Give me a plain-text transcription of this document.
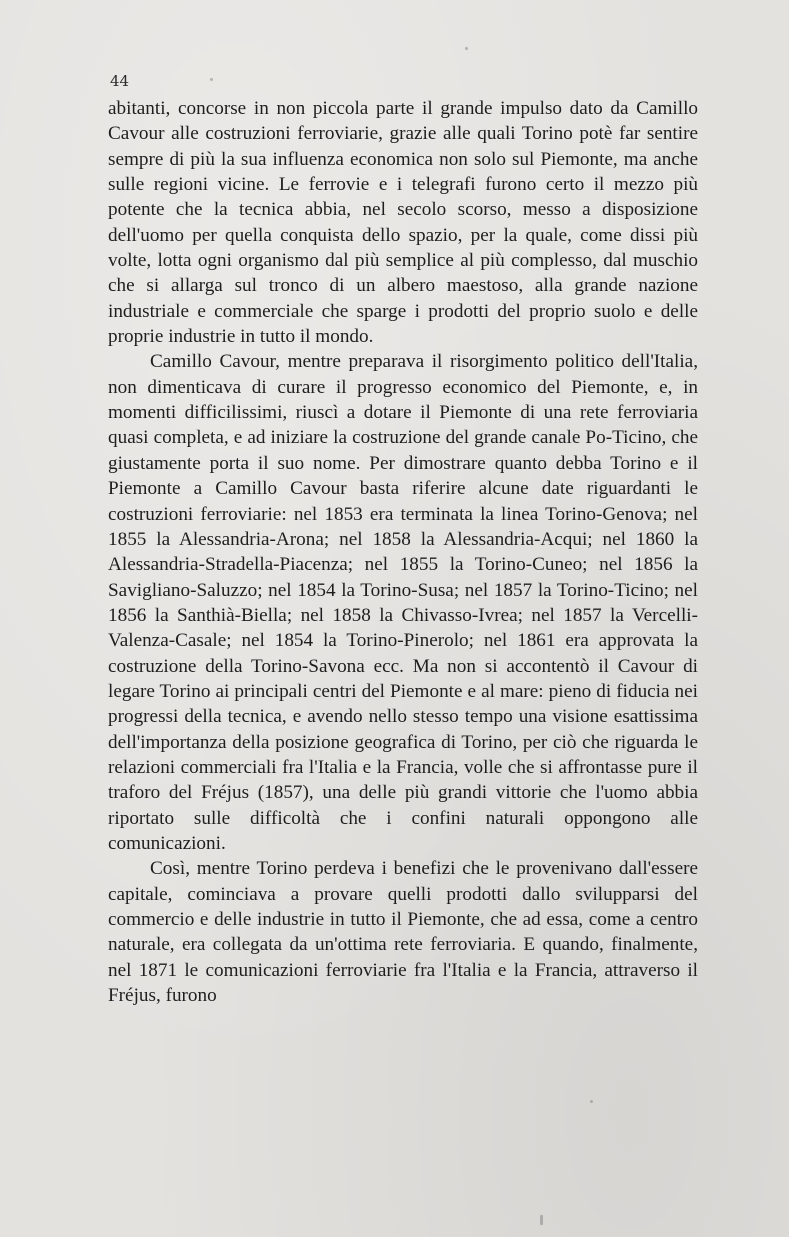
44

abitanti, concorse in non piccola parte il grande impulso dato da Camillo Cavour alle costruzioni ferroviarie, grazie alle quali Torino potè far sentire sempre di più la sua influenza economica non solo sul Piemonte, ma anche sulle regioni vicine. Le ferrovie e i telegrafi furono certo il mezzo più potente che la tecnica abbia, nel secolo scorso, messo a disposizione dell'uomo per quella conquista dello spazio, per la quale, come dissi più volte, lotta ogni organismo dal più semplice al più complesso, dal muschio che si allarga sul tronco di un albero maestoso, alla grande nazione industriale e commerciale che sparge i prodotti del proprio suolo e delle proprie industrie in tutto il mondo.

Camillo Cavour, mentre preparava il risorgimento politico dell'Italia, non dimenticava di curare il progresso economico del Piemonte, e, in momenti difficilissimi, riuscì a dotare il Piemonte di una rete ferroviaria quasi completa, e ad iniziare la costruzione del grande canale Po-Ticino, che giustamente porta il suo nome. Per dimostrare quanto debba Torino e il Piemonte a Camillo Cavour basta riferire alcune date riguardanti le costruzioni ferroviarie: nel 1853 era terminata la linea Torino-Genova; nel 1855 la Alessandria-Arona; nel 1858 la Alessandria-Acqui; nel 1860 la Alessandria-Stradella-Piacenza; nel 1855 la Torino-Cuneo; nel 1856 la Savigliano-Saluzzo; nel 1854 la Torino-Susa; nel 1857 la Torino-Ticino; nel 1856 la Santhià-Biella; nel 1858 la Chivasso-Ivrea; nel 1857 la Vercelli-Valenza-Casale; nel 1854 la Torino-Pinerolo; nel 1861 era approvata la costruzione della Torino-Savona ecc. Ma non si accontentò il Cavour di legare Torino ai principali centri del Piemonte e al mare: pieno di fiducia nei progressi della tecnica, e avendo nello stesso tempo una visione esattissima dell'importanza della posizione geografica di Torino, per ciò che riguarda le relazioni commerciali fra l'Italia e la Francia, volle che si affrontasse pure il traforo del Fréjus (1857), una delle più grandi vittorie che l'uomo abbia riportato sulle difficoltà che i confini naturali oppongono alle comunicazioni.

Così, mentre Torino perdeva i benefizi che le provenivano dall'essere capitale, cominciava a provare quelli prodotti dallo svilupparsi del commercio e delle industrie in tutto il Piemonte, che ad essa, come a centro naturale, era collegata da un'ottima rete ferroviaria. E quando, finalmente, nel 1871 le comunicazioni ferroviarie fra l'Italia e la Francia, attraverso il Fréjus, furono
